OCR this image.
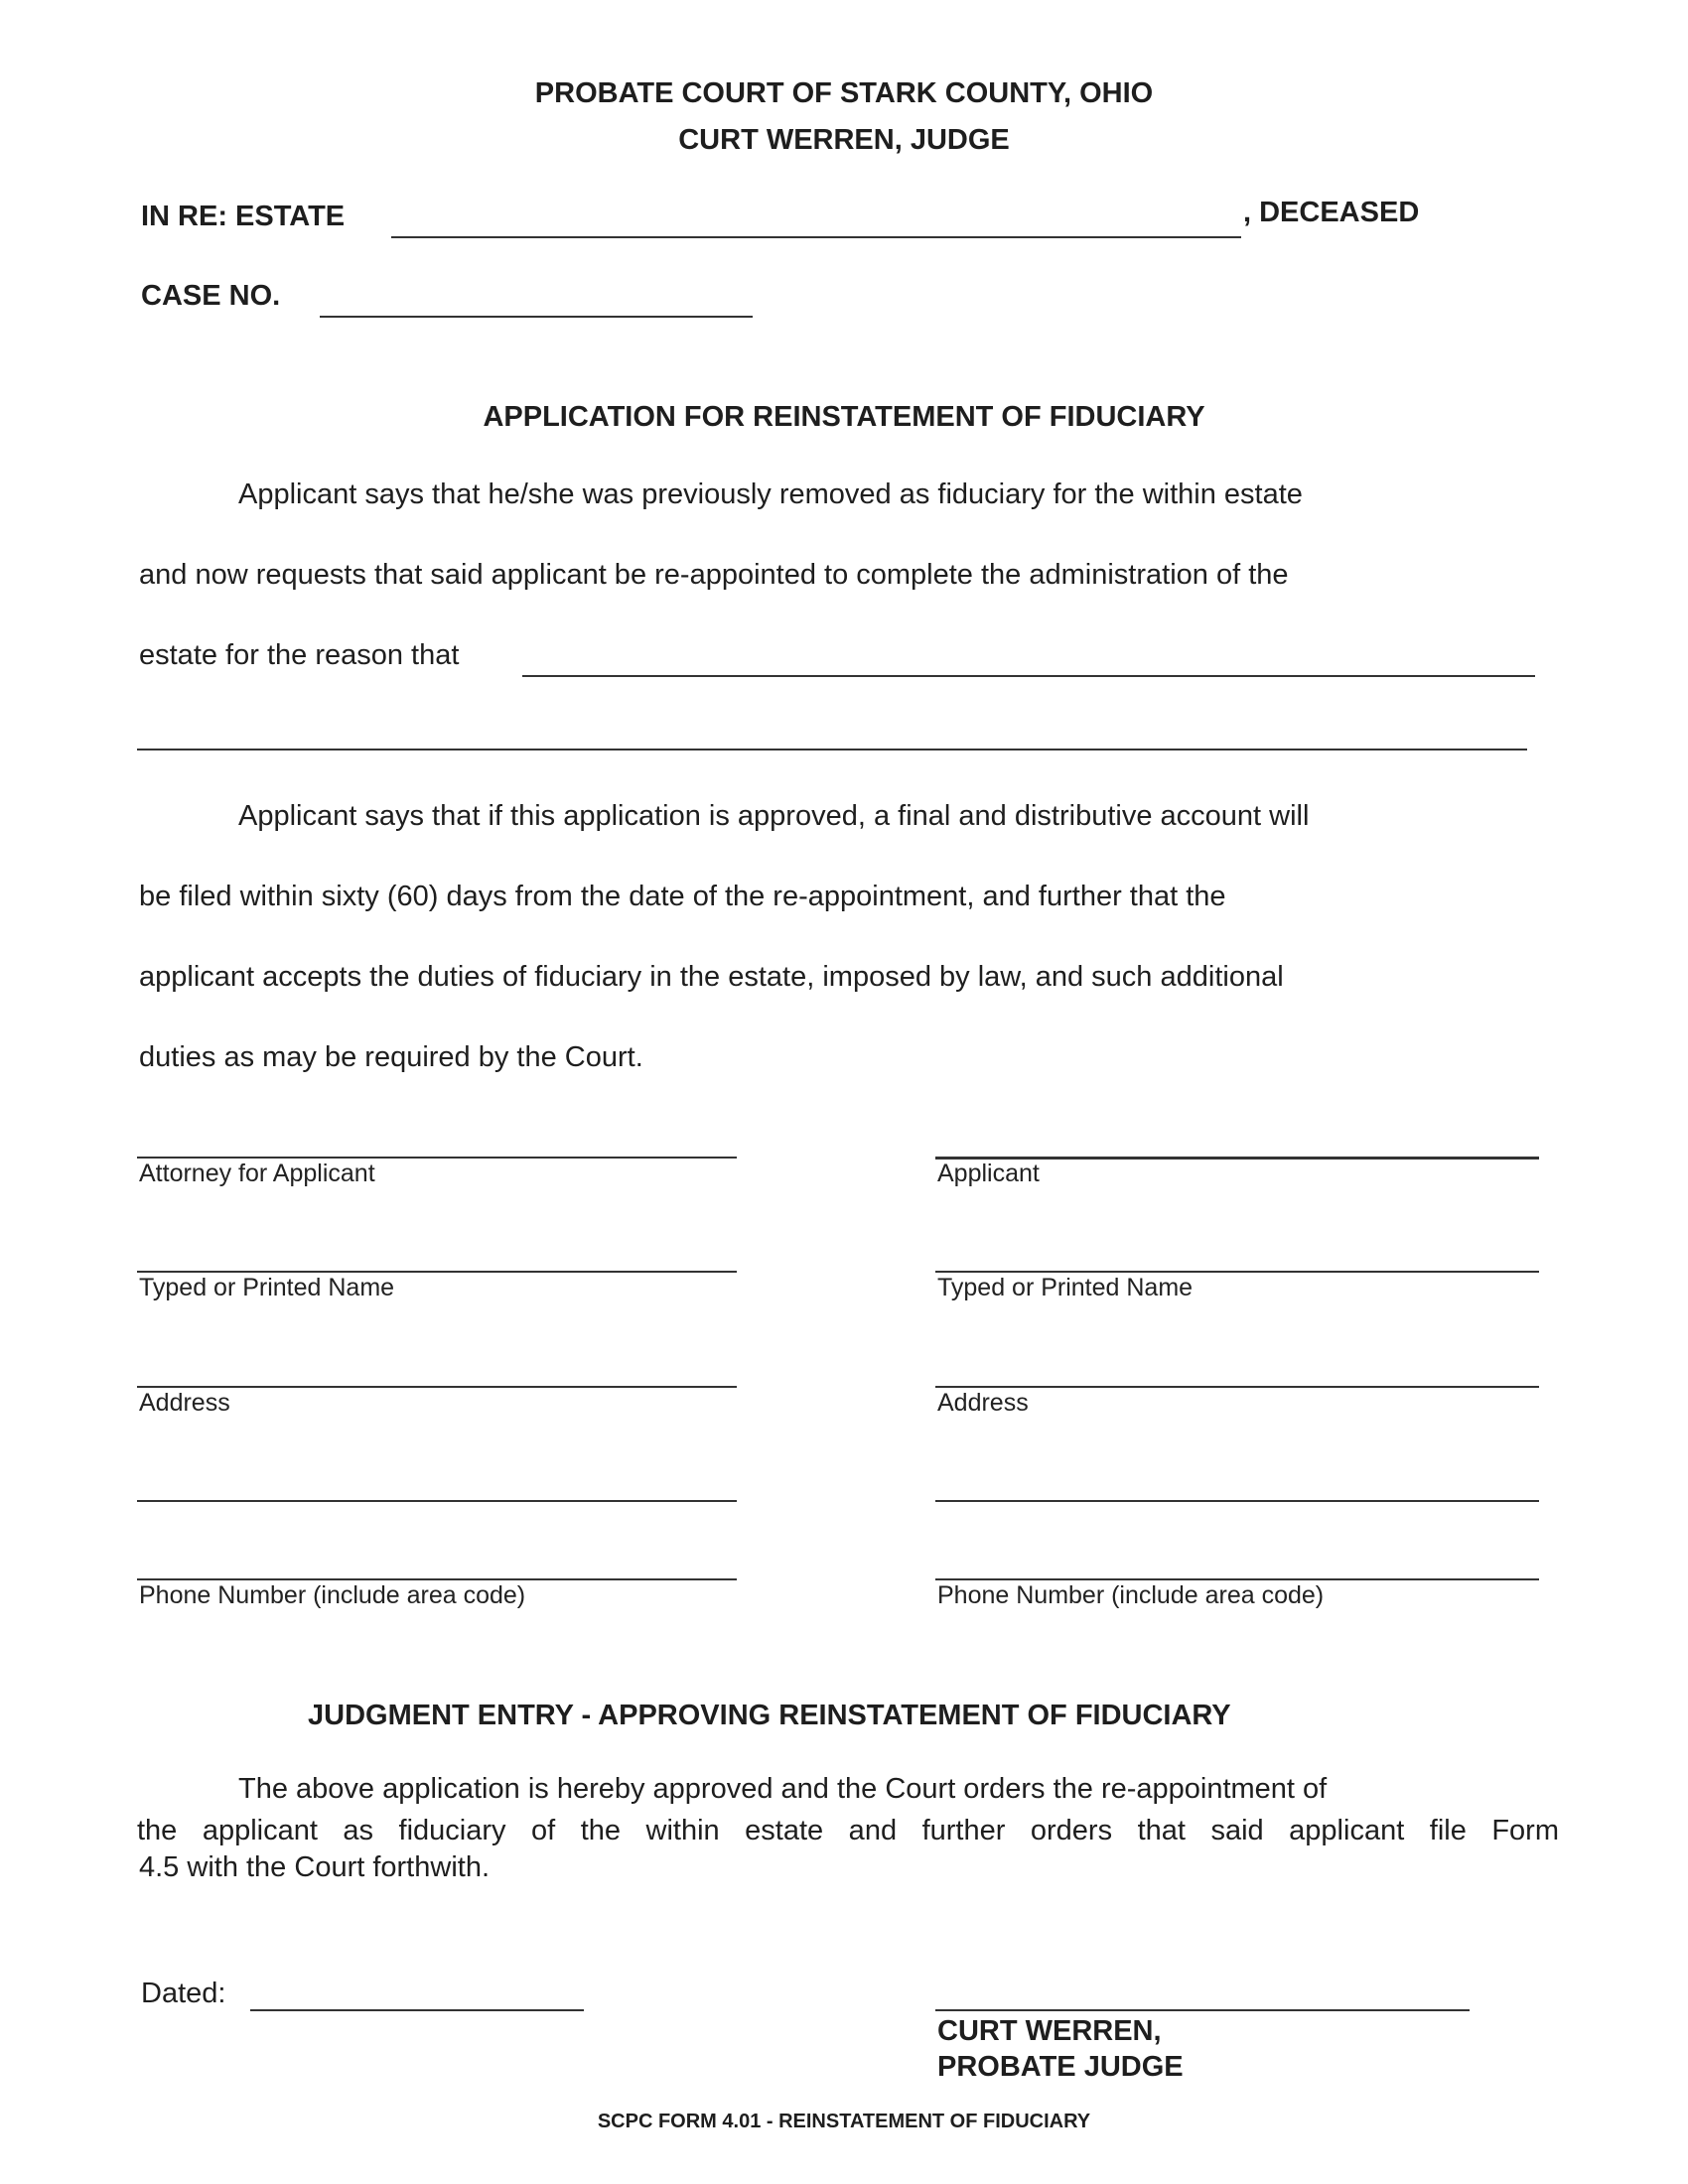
PROBATE COURT OF STARK COUNTY, OHIO
CURT WERREN, JUDGE
IN RE: ESTATE	, DECEASED
CASE NO.
APPLICATION FOR REINSTATEMENT OF FIDUCIARY
Applicant says that he/she was previously removed as fiduciary for the within estate
and now requests that said applicant be re-appointed to complete the administration of the
estate for the reason that
Applicant says that if this application is approved, a final and distributive account will
be filed within sixty (60) days from the date of the re-appointment, and further that the
applicant accepts the duties of fiduciary in the estate, imposed by law, and such additional
duties as may be required by the Court.
Attorney for Applicant
Typed or Printed Name
Address
Phone Number (include area code)
Applicant
Typed or Printed Name
Address
Phone Number (include area code)
JUDGMENT ENTRY - APPROVING REINSTATEMENT OF FIDUCIARY
The above application is hereby approved and the Court orders the re-appointment of
the applicant as fiduciary of the within estate and further orders that said applicant file Form
4.5 with the Court forthwith.
Dated:
CURT WERREN,
PROBATE JUDGE
SCPC FORM 4.01 - REINSTATEMENT OF FIDUCIARY
